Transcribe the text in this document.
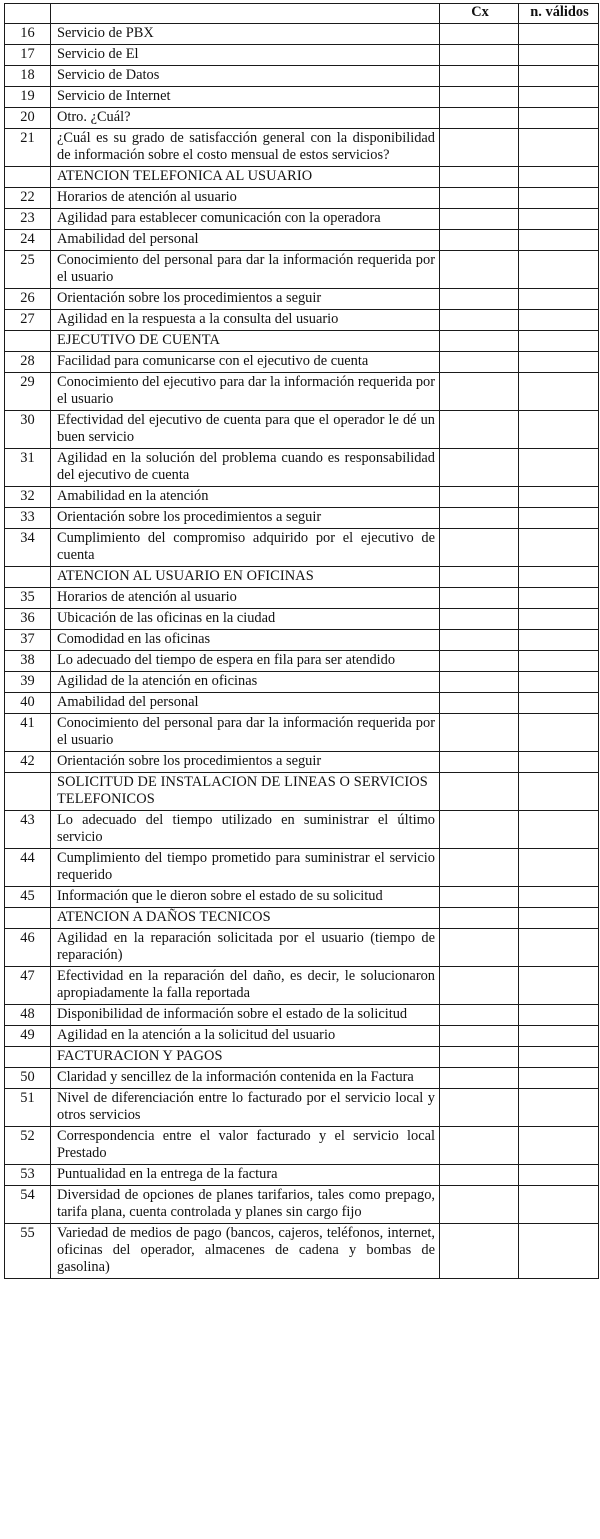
		Cx	n. válidos
16	Servicio de PBX		
17	Servicio de El		
18	Servicio de Datos		
19	Servicio de Internet		
20	Otro. ¿Cuál?		
21	¿Cuál es su grado de satisfacción general con la disponibilidad de información sobre el costo mensual de estos servicios?		
	ATENCION TELEFONICA AL USUARIO		
22	Horarios de atención al usuario		
23	Agilidad para establecer comunicación con la operadora		
24	Amabilidad del personal		
25	Conocimiento del personal para dar la información requerida por el usuario		
26	Orientación sobre los procedimientos a seguir		
27	Agilidad en la respuesta a la consulta del usuario		
	EJECUTIVO DE CUENTA		
28	Facilidad para comunicarse con el ejecutivo de cuenta		
29	Conocimiento del ejecutivo para dar la información requerida por el usuario		
30	Efectividad del ejecutivo de cuenta para que el operador le dé un buen servicio		
31	Agilidad en la solución del problema cuando es responsabilidad del ejecutivo de cuenta		
32	Amabilidad en la atención		
33	Orientación sobre los procedimientos a seguir		
34	Cumplimiento del compromiso adquirido por el ejecutivo de cuenta		
	ATENCION AL USUARIO EN OFICINAS		
35	Horarios de atención al usuario		
36	Ubicación de las oficinas en la ciudad		
37	Comodidad en las oficinas		
38	Lo adecuado del tiempo de espera en fila para ser atendido		
39	Agilidad de la atención en oficinas		
40	Amabilidad del personal		
41	Conocimiento del personal para dar la información requerida por el usuario		
42	Orientación sobre los procedimientos a seguir		
	SOLICITUD DE INSTALACION DE LINEAS O SERVICIOS
TELEFONICOS		
43	Lo adecuado del tiempo utilizado en suministrar el último servicio		
44	Cumplimiento del tiempo prometido para suministrar el servicio requerido		
45	Información que le dieron sobre el estado de su solicitud		
	ATENCION A DAÑOS TECNICOS		
46	Agilidad en la reparación solicitada por el usuario (tiempo de reparación)		
47	Efectividad en la reparación del daño, es decir, le solucionaron apropiadamente la falla reportada		
48	Disponibilidad de información sobre el estado de la solicitud		
49	Agilidad en la atención a la solicitud del usuario		
	FACTURACION Y PAGOS		
50	Claridad y sencillez de la información contenida en la Factura		
51	Nivel de diferenciación entre lo facturado por el servicio local y otros servicios		
52	Correspondencia entre el valor facturado y el servicio local Prestado		
53	Puntualidad en la entrega de la factura		
54	Diversidad de opciones de planes tarifarios, tales como prepago, tarifa plana, cuenta controlada y planes sin cargo fijo		
55	Variedad de medios de pago (bancos, cajeros, teléfonos, internet, oficinas del operador, almacenes de cadena y bombas de gasolina)		
